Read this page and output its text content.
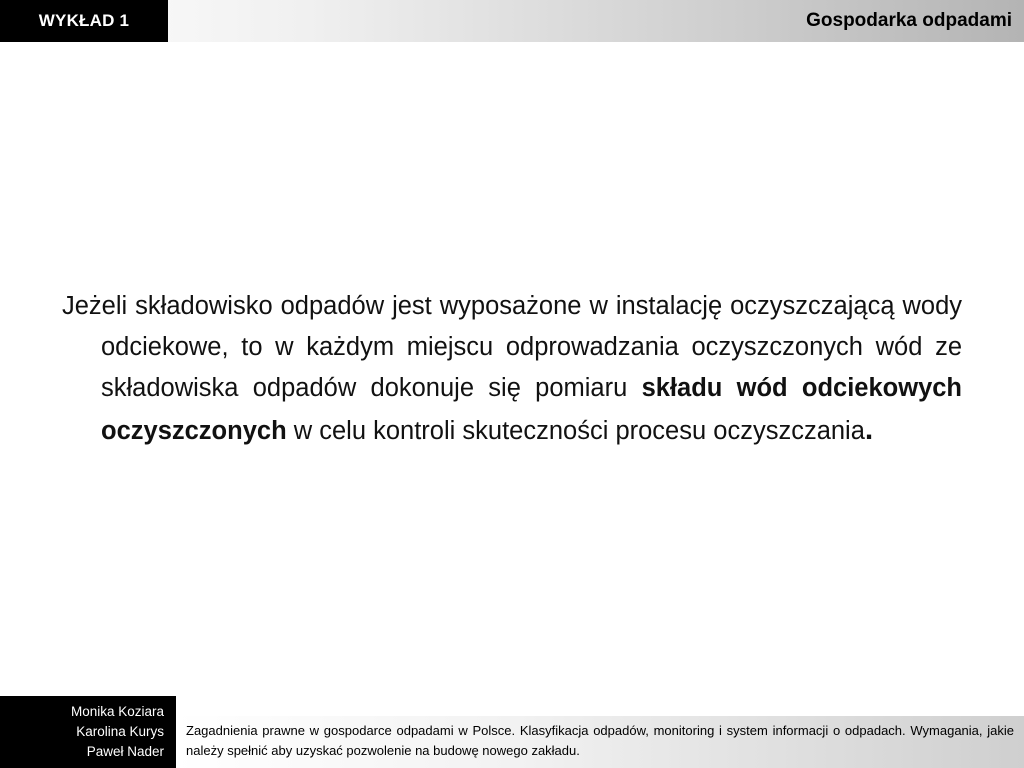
WYKŁAD 1	Gospodarka odpadami

Jeżeli składowisko odpadów jest wyposażone w instalację oczyszczającą wody odciekowe, to w każdym miejscu odprowadzania oczyszczonych wód ze składowiska odpadów dokonuje się pomiaru składu wód odciekowych oczyszczonych w celu kontroli skuteczności procesu oczyszczania.

Monika Koziara
Karolina Kurys
Paweł Nader
Zagadnienia prawne w gospodarce odpadami w Polsce. Klasyfikacja odpadów, monitoring i system informacji o odpadach. Wymagania, jakie należy spełnić aby uzyskać pozwolenie na budowę nowego zakładu.
